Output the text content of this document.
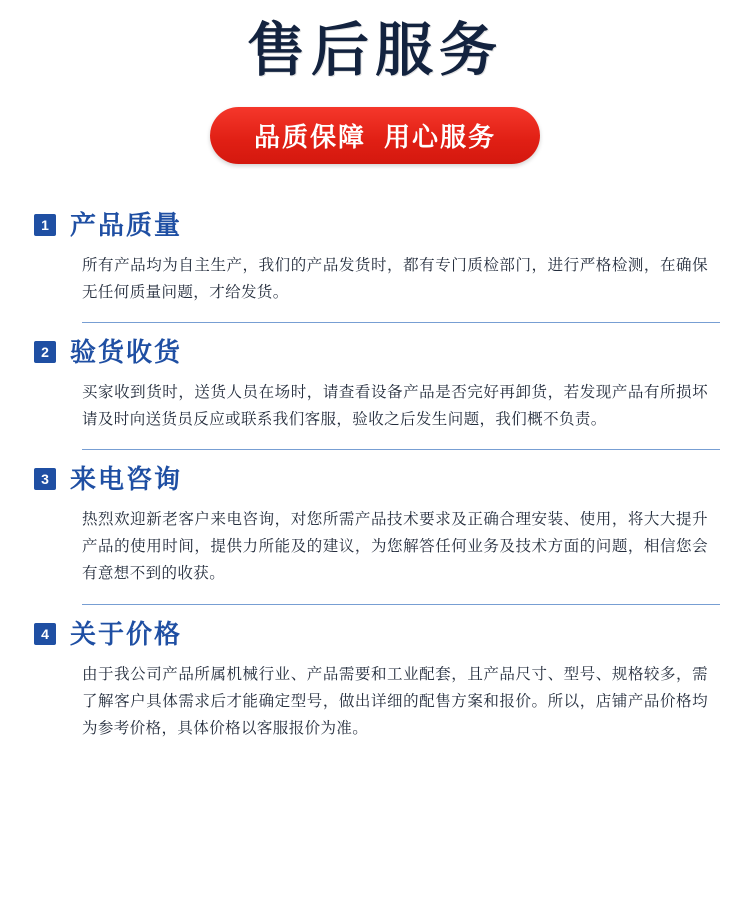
售后服务
品质保障 用心服务
1 产品质量
所有产品均为自主生产，我们的产品发货时，都有专门质检部门，进行严格检测，在确保无任何质量问题，才给发货。
2 验货收货
买家收到货时，送货人员在场时，请查看设备产品是否完好再卸货，若发现产品有所损坏请及时向送货员反应或联系我们客服，验收之后发生问题，我们概不负责。
3 来电咨询
热烈欢迎新老客户来电咨询，对您所需产品技术要求及正确合理安装、使用，将大大提升产品的使用时间，提供力所能及的建议，为您解答任何业务及技术方面的问题，相信您会有意想不到的收获。
4 关于价格
由于我公司产品所属机械行业、产品需要和工业配套，且产品尺寸、型号、规格较多，需了解客户具体需求后才能确定型号，做出详细的配售方案和报价。所以，店铺产品价格均为参考价格，具体价格以客服报价为准。
